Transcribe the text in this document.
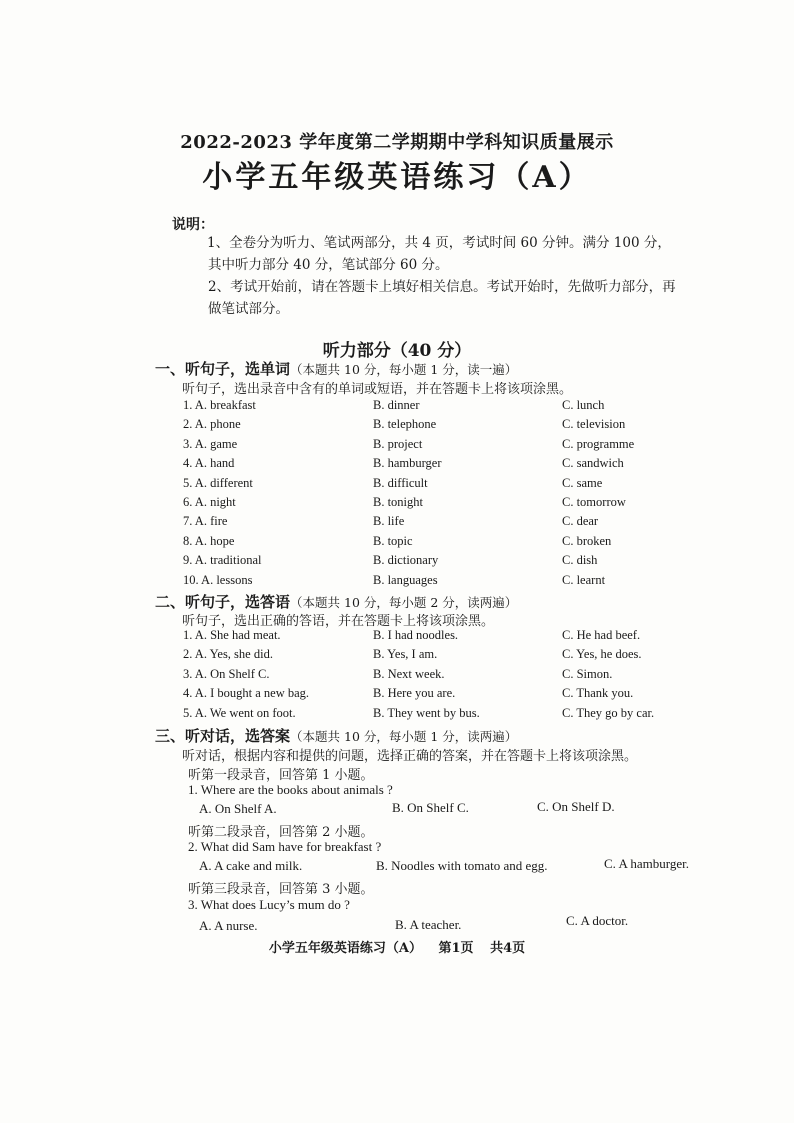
2022-2023 学年度第二学期期中学科知识质量展示
小学五年级英语练习（A）
说明：
1、全卷分为听力、笔试两部分，共 4 页，考试时间 60 分钟。满分 100 分，其中听力部分 40 分，笔试部分 60 分。
2、考试开始前，请在答题卡上填好相关信息。考试开始时，先做听力部分，再做笔试部分。
听力部分（40 分）
一、听句子，选单词（本题共 10 分，每小题 1 分，读一遍）
听句子，选出录音中含有的单词或短语，并在答题卡上将该项涂黑。
1. A. breakfast	B. dinner	C. lunch
2. A. phone	B. telephone	C. television
3. A. game	B. project	C. programme
4. A. hand	B. hamburger	C. sandwich
5. A. different	B. difficult	C. same
6. A. night	B. tonight	C. tomorrow
7. A. fire	B. life	C. dear
8. A. hope	B. topic	C. broken
9. A. traditional	B. dictionary	C. dish
10. A. lessons	B. languages	C. learnt
二、听句子，选答语（本题共 10 分，每小题 2 分，读两遍）
听句子，选出正确的答语，并在答题卡上将该项涂黑。
1. A. She had meat.	B. I had noodles.	C. He had beef.
2. A. Yes, she did.	B. Yes, I am.	C. Yes, he does.
3. A. On Shelf C.	B. Next week.	C. Simon.
4. A. I bought a new bag.	B. Here you are.	C. Thank you.
5. A. We went on foot.	B. They went by bus.	C. They go by car.
三、听对话，选答案（本题共 10 分，每小题 1 分，读两遍）
听对话，根据内容和提供的问题，选择正确的答案，并在答题卡上将该项涂黑。
听第一段录音，回答第 1 小题。
1. Where are the books about animals ?
A. On Shelf A.	B. On Shelf C.	C. On Shelf D.
听第二段录音，回答第 2 小题。
2. What did Sam have for breakfast ?
A. A cake and milk.	B. Noodles with tomato and egg.	C. A hamburger.
听第三段录音，回答第 3 小题。
3. What does Lucy’s mum do ?
A. A nurse.	B. A teacher.	C. A doctor.
小学五年级英语练习（A） 第1页 共4页
